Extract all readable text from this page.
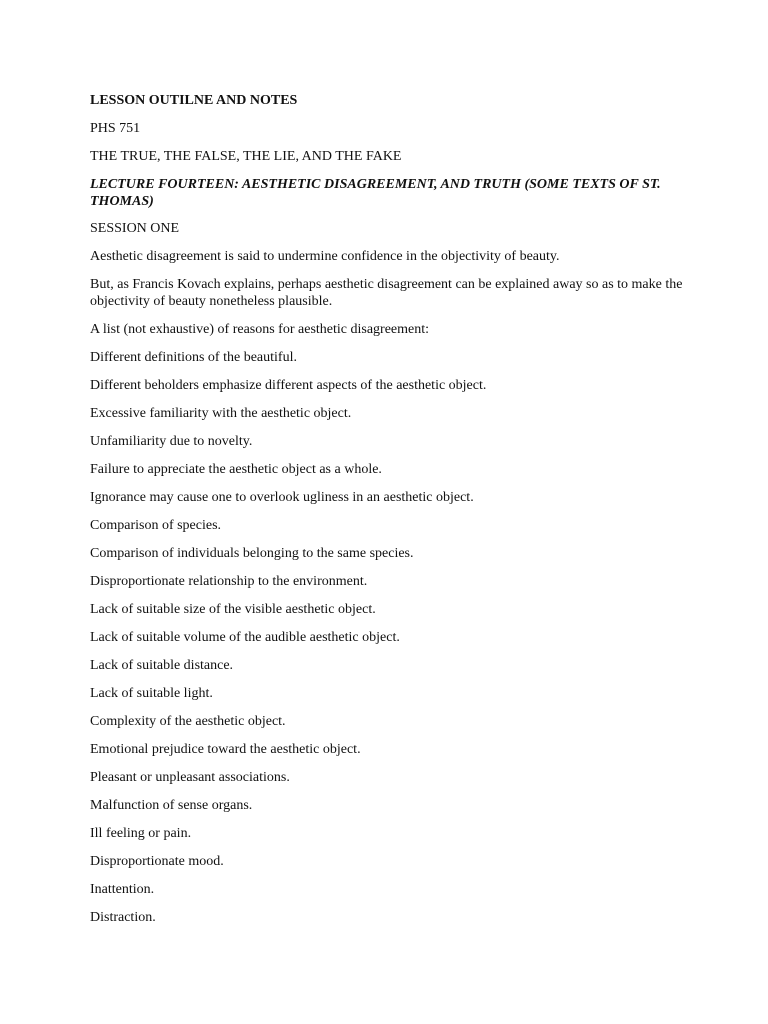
LESSON OUTILNE AND NOTES

PHS 751

THE TRUE, THE FALSE, THE LIE, AND THE FAKE

LECTURE FOURTEEN: AESTHETIC DISAGREEMENT, AND TRUTH (SOME TEXTS OF ST. THOMAS)

SESSION ONE

Aesthetic disagreement is said to undermine confidence in the objectivity of beauty.

But, as Francis Kovach explains, perhaps aesthetic disagreement can be explained away so as to make the objectivity of beauty nonetheless plausible.

A list (not exhaustive) of reasons for aesthetic disagreement:

Different definitions of the beautiful.
Different beholders emphasize different aspects of the aesthetic object.
Excessive familiarity with the aesthetic object.
Unfamiliarity due to novelty.
Failure to appreciate the aesthetic object as a whole.
Ignorance may cause one to overlook ugliness in an aesthetic object.
Comparison of species.
Comparison of individuals belonging to the same species.
Disproportionate relationship to the environment.
Lack of suitable size of the visible aesthetic object.
Lack of suitable volume of the audible aesthetic object.
Lack of suitable distance.
Lack of suitable light.
Complexity of the aesthetic object.
Emotional prejudice toward the aesthetic object.
Pleasant or unpleasant associations.
Malfunction of sense organs.
Ill feeling or pain.
Disproportionate mood.
Inattention.
Distraction.
